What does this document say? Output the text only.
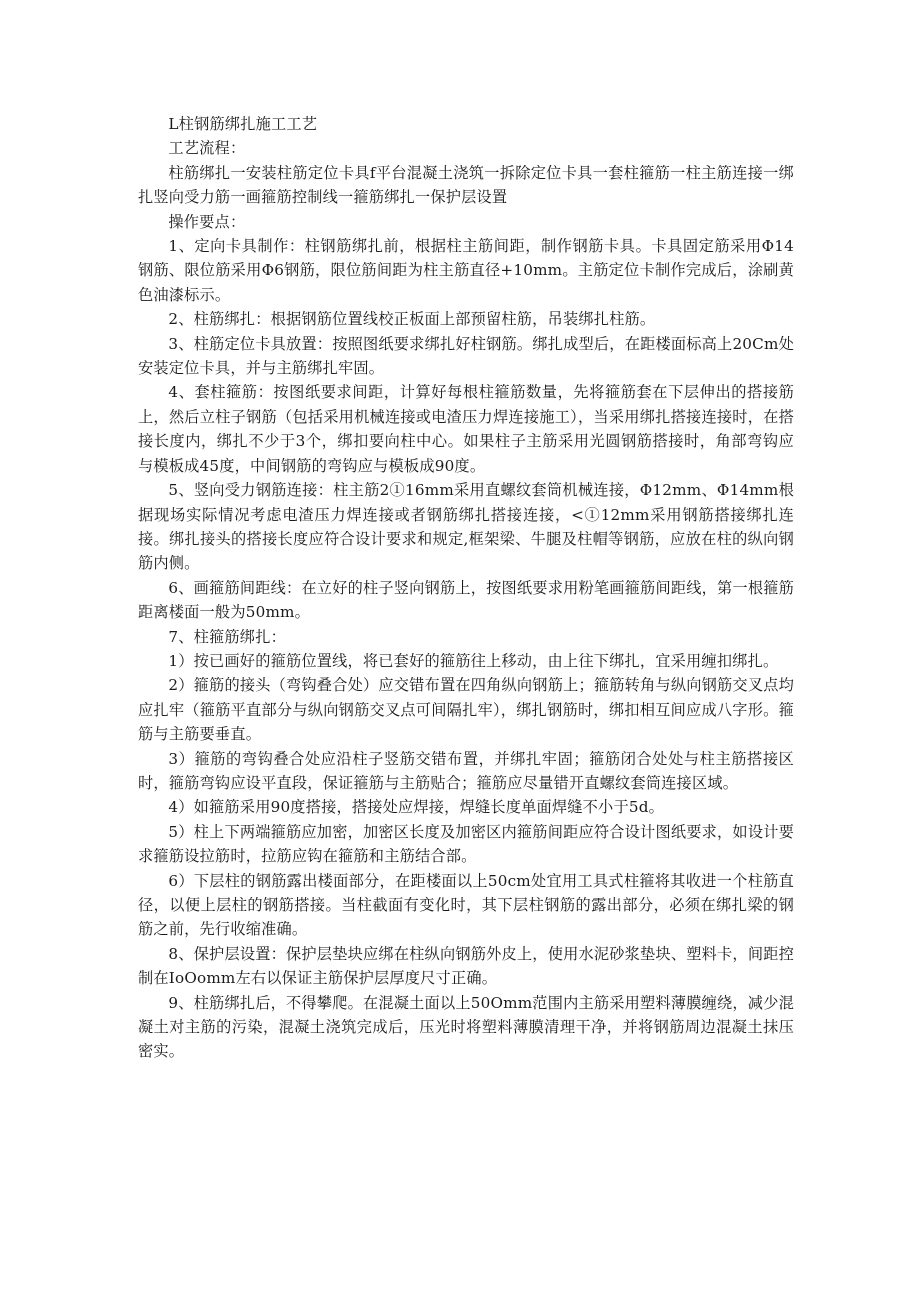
L柱钢筋绑扎施工工艺

工艺流程：

柱筋绑扎一安装柱筋定位卡具f平台混凝土浇筑一拆除定位卡具一套柱箍筋一柱主筋连接一绑扎竖向受力筋一画箍筋控制线一箍筋绑扎一保护层设置

操作要点：

1、定向卡具制作：柱钢筋绑扎前，根据柱主筋间距，制作钢筋卡具。卡具固定筋采用Φ14钢筋、限位筋采用Φ6钢筋，限位筋间距为柱主筋直径+10mm。主筋定位卡制作完成后，涂刷黄色油漆标示。

2、柱筋绑扎：根据钢筋位置线校正板面上部预留柱筋，吊装绑扎柱筋。

3、柱筋定位卡具放置：按照图纸要求绑扎好柱钢筋。绑扎成型后，在距楼面标高上20Cm处安装定位卡具，并与主筋绑扎牢固。

4、套柱箍筋：按图纸要求间距，计算好每根柱箍筋数量，先将箍筋套在下层伸出的搭接筋上，然后立柱子钢筋（包括采用机械连接或电渣压力焊连接施工），当采用绑扎搭接连接时，在搭接长度内，绑扎不少于3个，绑扣要向柱中心。如果柱子主筋采用光圆钢筋搭接时，角部弯钩应与模板成45度，中间钢筋的弯钩应与模板成90度。

5、竖向受力钢筋连接：柱主筋2①16mm采用直螺纹套筒机械连接，Φ12mm、Φ14mm根据现场实际情况考虑电渣压力焊连接或者钢筋绑扎搭接连接，<①12mm采用钢筋搭接绑扎连接。绑扎接头的搭接长度应符合设计要求和规定,框架梁、牛腿及柱帽等钢筋，应放在柱的纵向钢筋内侧。

6、画箍筋间距线：在立好的柱子竖向钢筋上，按图纸要求用粉笔画箍筋间距线，第一根箍筋距离楼面一般为50mm。

7、柱箍筋绑扎：

1）按已画好的箍筋位置线，将已套好的箍筋往上移动，由上往下绑扎，宜采用缠扣绑扎。

2）箍筋的接头（弯钩叠合处）应交错布置在四角纵向钢筋上；箍筋转角与纵向钢筋交叉点均应扎牢（箍筋平直部分与纵向钢筋交叉点可间隔扎牢），绑扎钢筋时，绑扣相互间应成八字形。箍筋与主筋要垂直。

3）箍筋的弯钩叠合处应沿柱子竖筋交错布置，并绑扎牢固；箍筋闭合处处与柱主筋搭接区时，箍筋弯钩应设平直段，保证箍筋与主筋贴合；箍筋应尽量错开直螺纹套筒连接区域。

4）如箍筋采用90度搭接，搭接处应焊接，焊缝长度单面焊缝不小于5d。

5）柱上下两端箍筋应加密，加密区长度及加密区内箍筋间距应符合设计图纸要求，如设计要求箍筋设拉筋时，拉筋应钩在箍筋和主筋结合部。

6）下层柱的钢筋露出楼面部分，在距楼面以上50cm处宜用工具式柱箍将其收进一个柱筋直径，以便上层柱的钢筋搭接。当柱截面有变化时，其下层柱钢筋的露出部分，必须在绑扎梁的钢筋之前，先行收缩准确。

8、保护层设置：保护层垫块应绑在柱纵向钢筋外皮上，使用水泥砂浆垫块、塑料卡，间距控制在IoOomm左右以保证主筋保护层厚度尺寸正确。

9、柱筋绑扎后，不得攀爬。在混凝土面以上50Omm范围内主筋采用塑料薄膜缠绕，减少混凝土对主筋的污染，混凝土浇筑完成后，压光时将塑料薄膜清理干净，并将钢筋周边混凝土抹压密实。
